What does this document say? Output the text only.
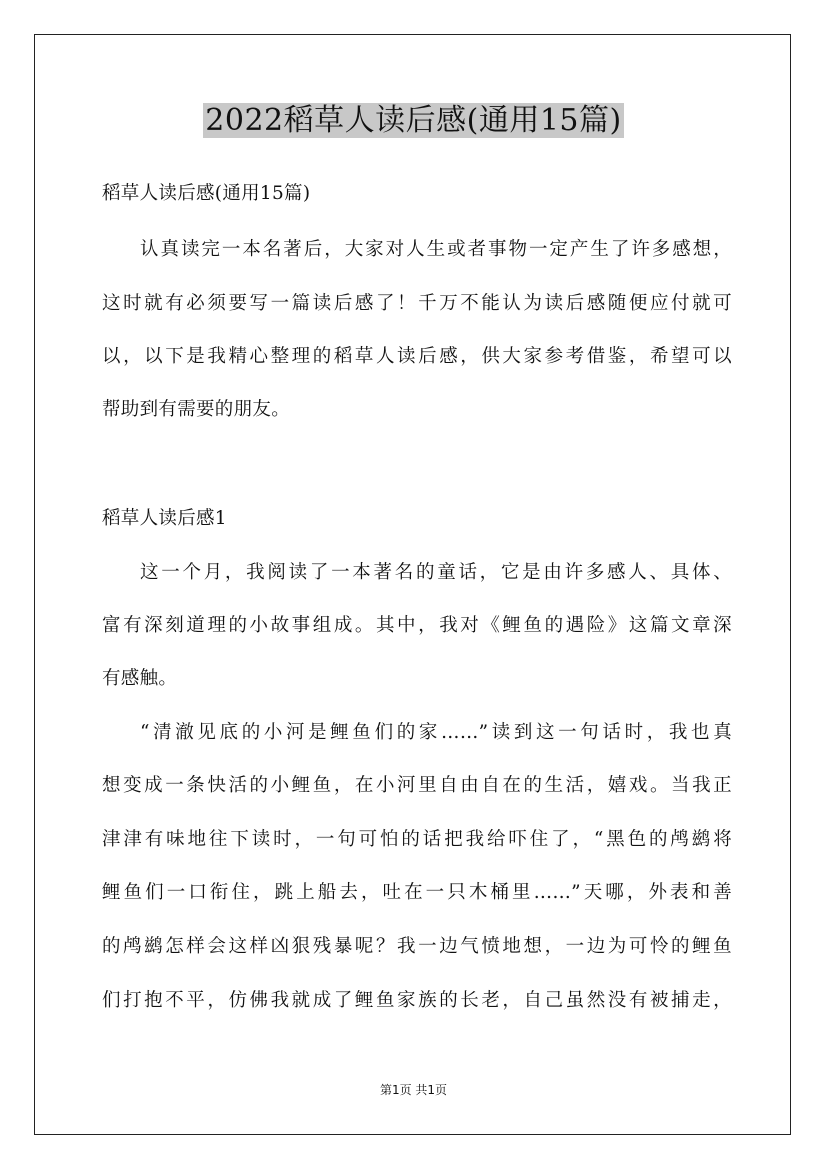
2022稻草人读后感(通用15篇)
稻草人读后感(通用15篇)
认真读完一本名著后，大家对人生或者事物一定产生了许多感想，
这时就有必须要写一篇读后感了！千万不能认为读后感随便应付就可
以，以下是我精心整理的稻草人读后感，供大家参考借鉴，希望可以
帮助到有需要的朋友。
稻草人读后感1
这一个月，我阅读了一本著名的童话，它是由许多感人、具体、
富有深刻道理的小故事组成。其中，我对《鲤鱼的遇险》这篇文章深
有感触。
“清澈见底的小河是鲤鱼们的家……”读到这一句话时，我也真
想变成一条快活的小鲤鱼，在小河里自由自在的生活，嬉戏。当我正
津津有味地往下读时，一句可怕的话把我给吓住了，“黑色的鸬鹚将
鲤鱼们一口衔住，跳上船去，吐在一只木桶里……”天哪，外表和善
的鸬鹚怎样会这样凶狠残暴呢？我一边气愤地想，一边为可怜的鲤鱼
们打抱不平，仿佛我就成了鲤鱼家族的长老，自己虽然没有被捕走，
第1页 共1页
